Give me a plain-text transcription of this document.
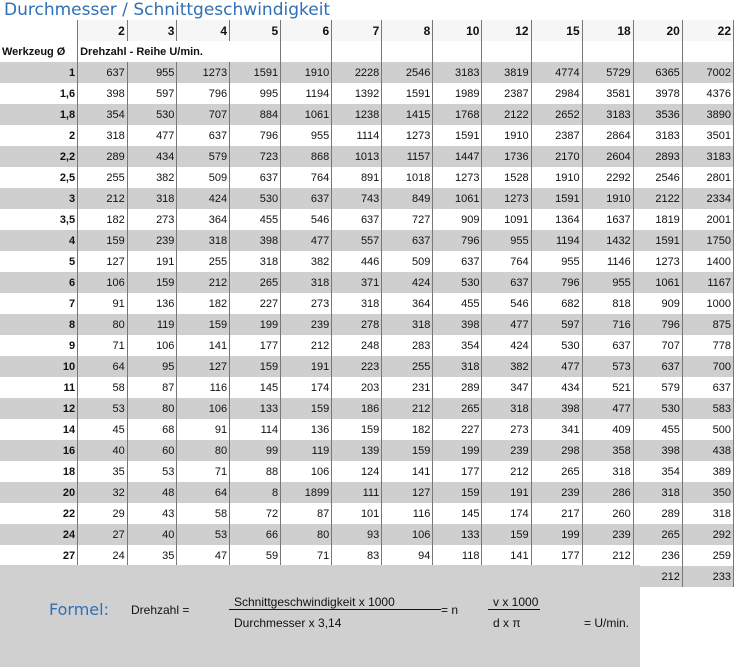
Durchmesser / Schnittgeschwindigkeit
	2	3	4	5	6	7	8	10	12	15	18	20	22
Werkzeug Ø	Drehzahl - Reihe U/min.												
1	637	955	1273	1591	1910	2228	2546	3183	3819	4774	5729	6365	7002
1,6	398	597	796	995	1194	1392	1591	1989	2387	2984	3581	3978	4376
1,8	354	530	707	884	1061	1238	1415	1768	2122	2652	3183	3536	3890
2	318	477	637	796	955	1114	1273	1591	1910	2387	2864	3183	3501
2,2	289	434	579	723	868	1013	1157	1447	1736	2170	2604	2893	3183
2,5	255	382	509	637	764	891	1018	1273	1528	1910	2292	2546	2801
3	212	318	424	530	637	743	849	1061	1273	1591	1910	2122	2334
3,5	182	273	364	455	546	637	727	909	1091	1364	1637	1819	2001
4	159	239	318	398	477	557	637	796	955	1194	1432	1591	1750
5	127	191	255	318	382	446	509	637	764	955	1146	1273	1400
6	106	159	212	265	318	371	424	530	637	796	955	1061	1167
7	91	136	182	227	273	318	364	455	546	682	818	909	1000
8	80	119	159	199	239	278	318	398	477	597	716	796	875
9	71	106	141	177	212	248	283	354	424	530	637	707	778
10	64	95	127	159	191	223	255	318	382	477	573	637	700
11	58	87	116	145	174	203	231	289	347	434	521	579	637
12	53	80	106	133	159	186	212	265	318	398	477	530	583
14	45	68	91	114	136	159	182	227	273	341	409	455	500
16	40	60	80	99	119	139	159	199	239	298	358	398	438
18	35	53	71	88	106	124	141	177	212	265	318	354	389
20	32	48	64	8	1899	111	127	159	191	239	286	318	350
22	29	43	58	72	87	101	116	145	174	217	260	289	318
24	27	40	53	66	80	93	106	133	159	199	239	265	292
27	24	35	47	59	71	83	94	118	141	177	212	236	259
												212	233
Formel: Drehzahl =
Schnittgeschwindigkeit x 1000
Durchmesser x 3,14
= n
v x 1000
d x π	= U/min.
